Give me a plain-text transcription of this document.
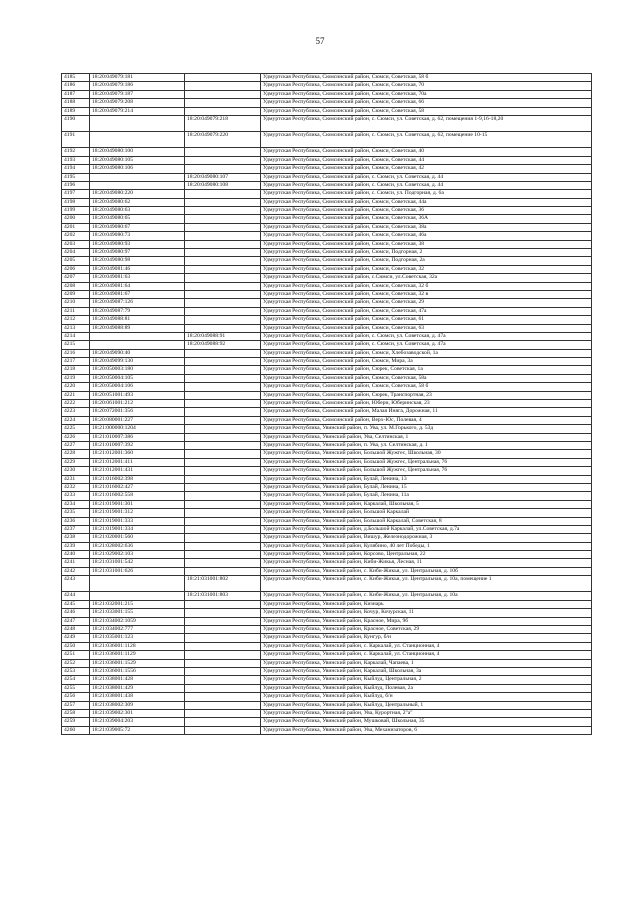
57
4185	18:20:049079:181		Удмуртская Республика, Сюмсинский район, Сюмси, Советская, 58 б
4186	18:20:049079:186		Удмуртская Республика, Сюмсинский район, Сюмси, Советская, 70
4187	18:20:049079:187		Удмуртская Республика, Сюмсинский район, Сюмси, Советская, 70а
4188	18:20:049079:208		Удмуртская Республика, Сюмсинский район, Сюмси, Советская, 66
4189	18:20:049079:214		Удмуртская Республика, Сюмсинский район, Сюмси, Советская, 58
4190		18:20:049079:218	Удмуртская Республика, Сюмсинский район, с. Сюмси, ул. Советская, д. 62, помещения 1-9,16-18,20
4191		18:20:049079:220	Удмуртская Республика, Сюмсинский район, с. Сюмси, ул. Советская, д. 62, помещение 10-15
4192	18:20:049080:100		Удмуртская Республика, Сюмсинский район, Сюмси, Советская, 40
4193	18:20:049080:105		Удмуртская Республика, Сюмсинский район, Сюмси, Советская, 44
4194	18:20:049080:106		Удмуртская Республика, Сюмсинский район, Сюмси, Советская, 42
4195		18:20:049080:107	Удмуртская Республика, Сюмсинский район, с. Сюмси, ул. Советская, д. 44
4196		18:20:049080:108	Удмуртская Республика, Сюмсинский район, с. Сюмси, ул. Советская, д. 44
4197	18:20:049080:220		Удмуртская Республика, Сюмсинский район, с. Сюмси, ул. Подгорная, д. 6а
4198	18:20:049080:62		Удмуртская Республика, Сюмсинский район, Сюмси, Советская, 44а
4199	18:20:049080:63		Удмуртская Республика, Сюмсинский район, Сюмси, Советская, 36
4200	18:20:049080:65		Удмуртская Республика, Сюмсинский район, Сюмси, Советская, 36А
4201	18:20:049080:67		Удмуртская Республика, Сюмсинский район, Сюмси, Советская, 38а
4202	18:20:049080:73		Удмуртская Республика, Сюмсинский район, Сюмси, Советская, 46а
4203	18:20:049080:93		Удмуртская Республика, Сюмсинский район, Сюмси, Советская, 38
4204	18:20:049080:97		Удмуртская Республика, Сюмсинский район, Сюмси, Подгорная, 2
4205	18:20:049080:98		Удмуртская Республика, Сюмсинский район, Сюмси, Подгорная, 2а
4206	18:20:049081:46		Удмуртская Республика, Сюмсинский район, Сюмси, Советская, 32
4207	18:20:049081:63		Удмуртская Республика, Сюмсинский район, с.Сюмси, ул.Советская, 32а
4208	18:20:049081:64		Удмуртская Республика, Сюмсинский район, Сюмси, Советская, 32 б
4209	18:20:049081:67		Удмуртская Республика, Сюмсинский район, Сюмси, Советская, 32 в
4210	18:20:049087:126		Удмуртская Республика, Сюмсинский район, Сюмси, Советская, 29
4211	18:20:049087:79		Удмуртская Республика, Сюмсинский район, Сюмси, Советская, 47а
4212	18:20:049088:81		Удмуртская Республика, Сюмсинский район, Сюмси, Советская, 61
4213	18:20:049088:89		Удмуртская Республика, Сюмсинский район, Сюмси, Советская, 63
4214		18:20:049088:91	Удмуртская Республика, Сюмсинский район, с. Сюмси, ул. Советская, д. 47а
4215		18:20:049088:92	Удмуртская Республика, Сюмсинский район, с. Сюмси, ул. Советская, д. 47а
4216	18:20:049090:40		Удмуртская Республика, Сюмсинский район, Сюмси, Хлебозаводской, 1а
4217	18:20:049099:130		Удмуртская Республика, Сюмсинский район, Сюмси, Мира, 3а
4218	18:20:050003:180		Удмуртская Республика, Сюмсинский район, Сюрек, Советская, 1а
4219	18:20:050004:105		Удмуртская Республика, Сюмсинский район, Сюмси, Советская, 58а
4220	18:20:050004:106		Удмуртская Республика, Сюмсинский район, Сюмси, Советская, 58 б
4221	18:20:051001:493		Удмуртская Республика, Сюмсинский район, Сюрек, Транспортная, 23
4222	18:20:061001:212		Удмуртская Республика, Сюмсинский район, Юбери, Юберинская, 23
4223	18:20:072001:356		Удмуртская Республика, Сюмсинский район, Малая Иняга, Дорожная, 11
4224	18:20:080001:227		Удмуртская Республика, Сюмсинский район, Верх-Юс, Полевая, 4
4225	18:21:000000:1204		Удмуртская Республика, Увинский район, п. Ува, ул. М.Горького, д. 53д
4226	18:21:010007:386		Удмуртская Республика, Увинский район, Ува, Селтинская, 1
4227	18:21:010007:392		Удмуртская Республика, Увинский район, п. Ува, ул. Селтинская, д. 1
4228	18:21:012001:360		Удмуртская Республика, Увинский район, Большой Жужгес, Школьная, 30
4229	18:21:012001:411		Удмуртская Республика, Увинский район, Большой Жужгес, Центральная, 76
4230	18:21:012001:431		Удмуртская Республика, Увинский район, Большой Жужгес, Центральная, 76
4231	18:21:016002:398		Удмуртская Республика, Увинский район, Булай, Ленина, 13
4232	18:21:016002:427		Удмуртская Республика, Увинский район, Булай, Ленина, 15
4233	18:21:016002:558		Удмуртская Республика, Увинский район, Булай, Ленина, 11а
4234	18:21:019001:301		Удмуртская Республика, Увинский район, Каркалай, Школьная, 5
4235	18:21:019001:312		Удмуртская Республика, Увинский район, Большой Каркалай
4236	18:21:019001:333		Удмуртская Республика, Увинский район, Большой Каркалай, Советская, 8
4237	18:21:019001:334		Удмуртская Республика, Увинский район, д.Большой Каркалай, ул.Советская, д.7а
4238	18:21:020001:560		Удмуртская Республика, Увинский район, Вишур, Железнодорожная, 3
4239	18:21:028002:636		Удмуртская Республика, Увинский район, Кулябино, 40 лет Победы, 1
4240	18:21:029002:103		Удмуртская Республика, Увинский район, Корсово, Центральная, 22
4241	18:21:031001:542		Удмуртская Республика, Увинский район, Киби-Жикья, Лесная, 11
4242	18:21:031001:626		Удмуртская Республика, Увинский район, с. Киби-Жикья, ул. Центральная, д. 10б
4243		18:21:031001:802	Удмуртская Республика, Увинский район, с. Киби-Жикья, ул. Центральная, д. 10а, помещение 1
4244		18:21:031001:803	Удмуртская Республика, Увинский район, с. Киби-Жикья, ул. Центральная, д. 10а
4245	18:21:032001:215		Удмуртская Республика, Увинский район, Кизнарь
4246	18:21:033001:155		Удмуртская Республика, Увинский район, Кочур, Кочурская, 11
4247	18:21:034002:1059		Удмуртская Республика, Увинский район, Красное, Мира, 9б
4248	18:21:034002:777		Удмуртская Республика, Увинский район, Красное, Советская, 29
4249	18:21:035001:123		Удмуртская Республика, Увинский район, Кунгур, б/н
4250	18:21:036001:1128		Удмуртская Республика, Увинский район, с. Каркалай, ул. Станционная, 4
4251	18:21:036001:1129		Удмуртская Республика, Увинский район, с. Каркалай, ул. Станционная, 4
4252	18:21:036001:1529		Удмуртская Республика, Увинский район, Каркалай, Чапаева, 1
4253	18:21:036001:1556		Удмуртская Республика, Увинский район, Каркалай, Школьная, 3а
4254	18:21:038001:428		Удмуртская Республика, Увинский район, Кыйлуд, Центральная, 2
4255	18:21:038001:429		Удмуртская Республика, Увинский район, Кыйлуд, Полевая, 2а
4256	18:21:038001:438		Удмуртская Республика, Увинский район, Кыйлуд, б/н
4257	18:21:038002:309		Удмуртская Республика, Увинский район, Кыйлуд, Центральный, 1
4258	18:21:039002:301		Удмуртская Республика, Увинский район, Ува, Курортная, 2"а"
4259	18:21:039004:203		Удмуртская Республика, Увинский район, Мушковай, Школьная, 35
4260	18:21:039005:72		Удмуртская Республика, Увинский район, Ува, Механизаторов, 6
